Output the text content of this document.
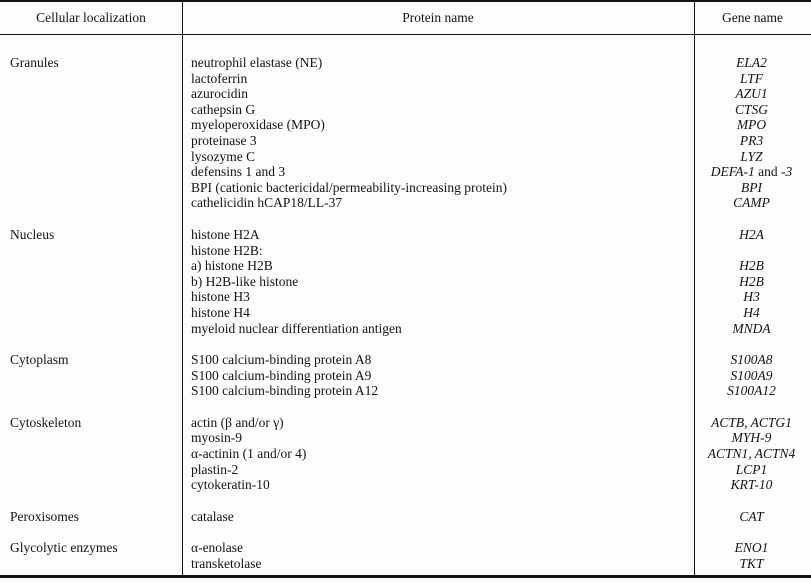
Cellular localization	Protein name	Gene name
Granules	neutrophil elastase (NE)	ELA2
lactoferrin	LTF
azurocidin	AZU1
cathepsin G	CTSG
myeloperoxidase (MPO)	MPO
proteinase 3	PR3
lysozyme C	LYZ
defensins 1 and 3	DEFA-1 and -3
BPI (cationic bactericidal/permeability-increasing protein)	BPI
cathelicidin hCAP18/LL-37	CAMP
Nucleus	histone H2A	H2A
histone H2B:
a) histone H2B	H2B
b) H2B-like histone	H2B
histone H3	H3
histone H4	H4
myeloid nuclear differentiation antigen	MNDA
Cytoplasm	S100 calcium-binding protein A8	S100A8
S100 calcium-binding protein A9	S100A9
S100 calcium-binding protein A12	S100A12
Cytoskeleton	actin (β and/or γ)	ACTB, ACTG1
myosin-9	MYH-9
α-actinin (1 and/or 4)	ACTN1, ACTN4
plastin-2	LCP1
cytokeratin-10	KRT-10
Peroxisomes	catalase	CAT
Glycolytic enzymes	α-enolase	ENO1
transketolase	TKT
